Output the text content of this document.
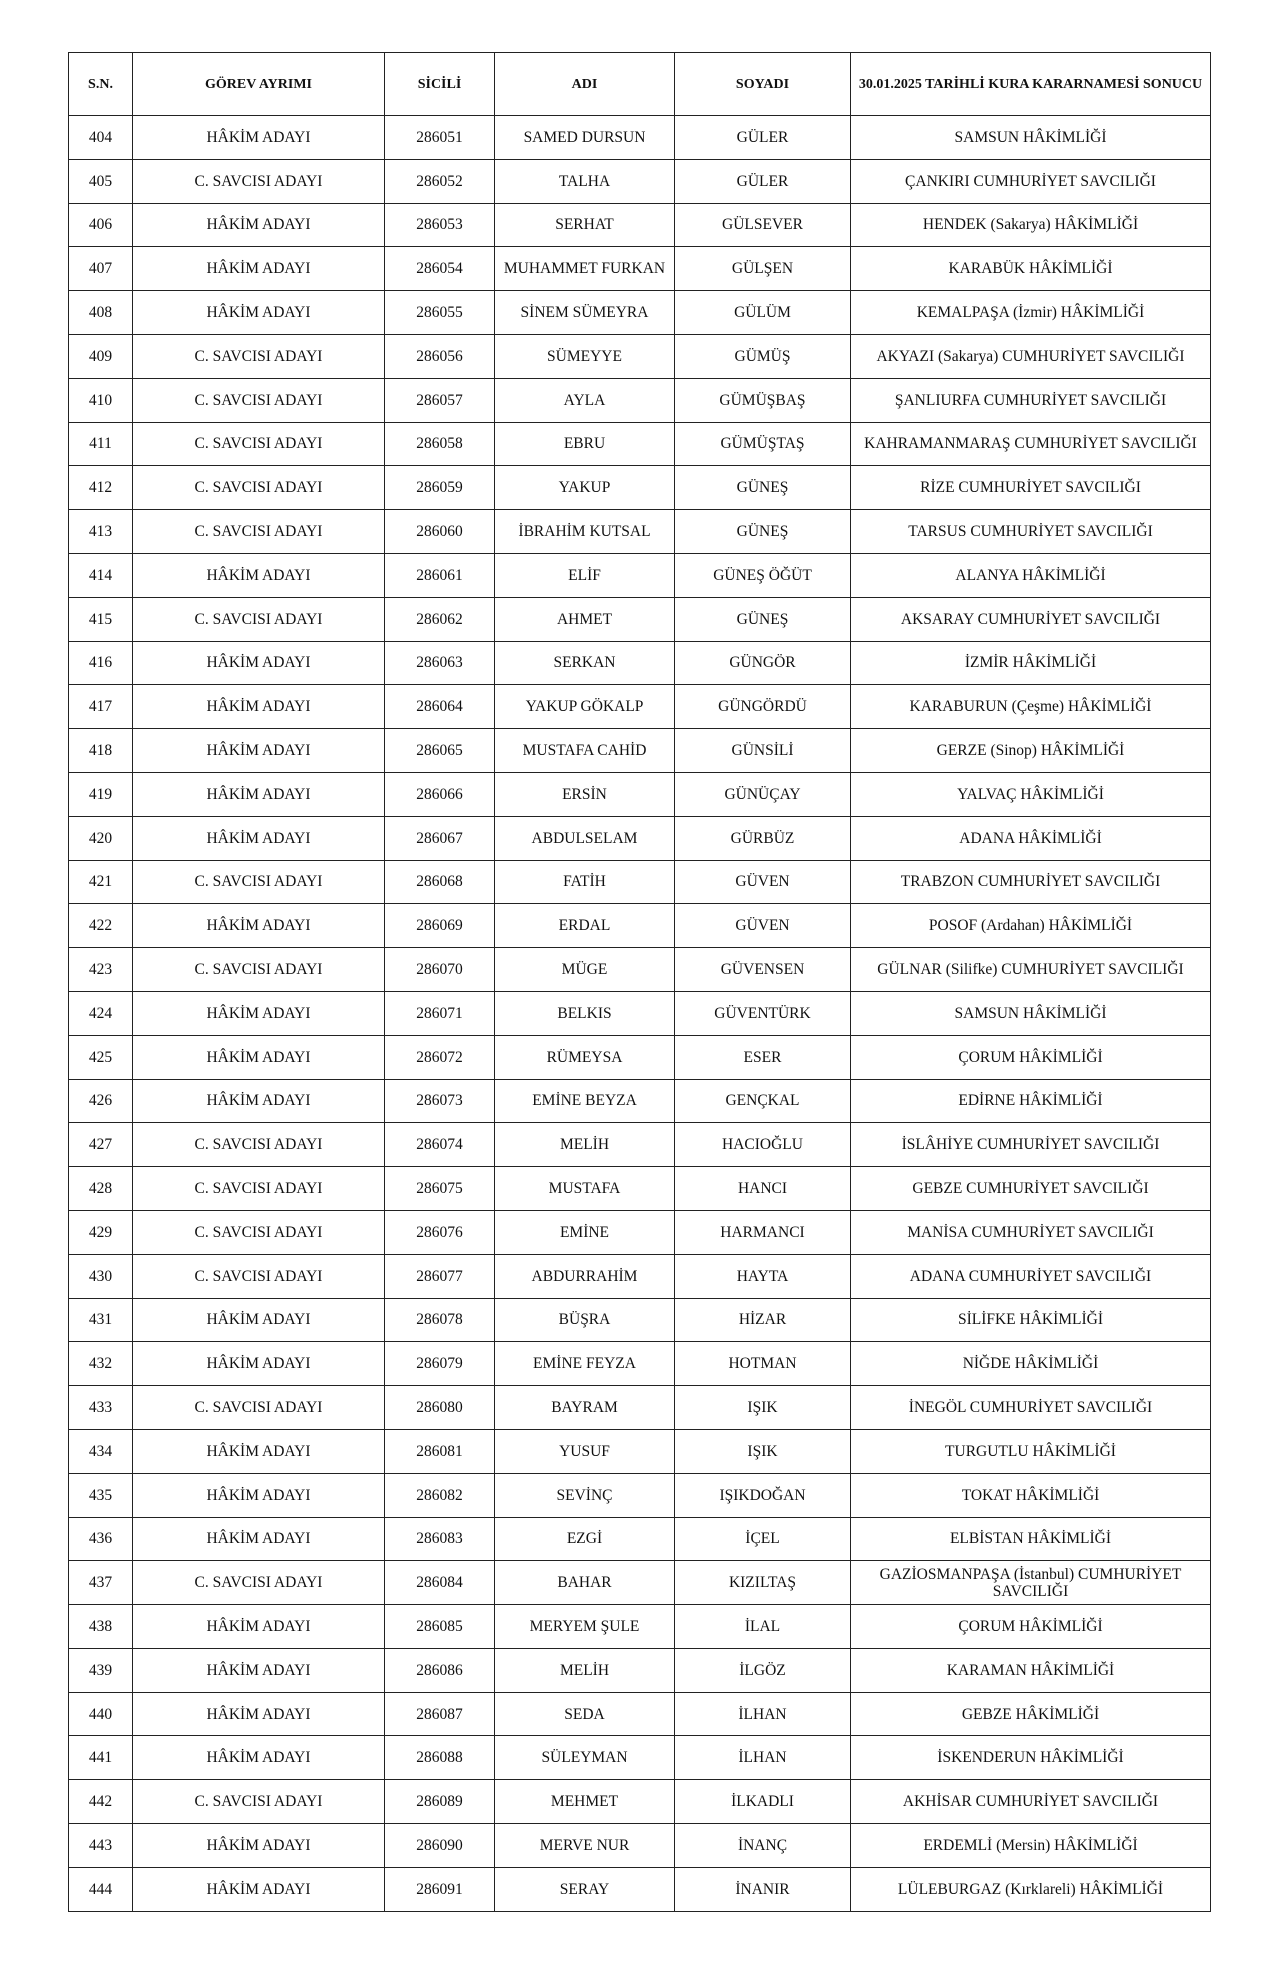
S.N.	GÖREV AYRIMI	SİCİLİ	ADI	SOYADI	30.01.2025 TARİHLİ KURA KARARNAMESİ SONUCU
404	HÂKİM ADAYI	286051	SAMED DURSUN	GÜLER	SAMSUN HÂKİMLİĞİ
405	C. SAVCISI ADAYI	286052	TALHA	GÜLER	ÇANKIRI CUMHURİYET SAVCILIĞI
406	HÂKİM ADAYI	286053	SERHAT	GÜLSEVER	HENDEK (Sakarya) HÂKİMLİĞİ
407	HÂKİM ADAYI	286054	MUHAMMET FURKAN	GÜLŞEN	KARABÜK HÂKİMLİĞİ
408	HÂKİM ADAYI	286055	SİNEM SÜMEYRA	GÜLÜM	KEMALPAŞA (İzmir) HÂKİMLİĞİ
409	C. SAVCISI ADAYI	286056	SÜMEYYE	GÜMÜŞ	AKYAZI (Sakarya) CUMHURİYET SAVCILIĞI
410	C. SAVCISI ADAYI	286057	AYLA	GÜMÜŞBAŞ	ŞANLIURFA CUMHURİYET SAVCILIĞI
411	C. SAVCISI ADAYI	286058	EBRU	GÜMÜŞTAŞ	KAHRAMANMARAŞ CUMHURİYET SAVCILIĞI
412	C. SAVCISI ADAYI	286059	YAKUP	GÜNEŞ	RİZE CUMHURİYET SAVCILIĞI
413	C. SAVCISI ADAYI	286060	İBRAHİM KUTSAL	GÜNEŞ	TARSUS CUMHURİYET SAVCILIĞI
414	HÂKİM ADAYI	286061	ELİF	GÜNEŞ ÖĞÜT	ALANYA HÂKİMLİĞİ
415	C. SAVCISI ADAYI	286062	AHMET	GÜNEŞ	AKSARAY CUMHURİYET SAVCILIĞI
416	HÂKİM ADAYI	286063	SERKAN	GÜNGÖR	İZMİR HÂKİMLİĞİ
417	HÂKİM ADAYI	286064	YAKUP GÖKALP	GÜNGÖRDÜ	KARABURUN (Çeşme) HÂKİMLİĞİ
418	HÂKİM ADAYI	286065	MUSTAFA CAHİD	GÜNSİLİ	GERZE (Sinop) HÂKİMLİĞİ
419	HÂKİM ADAYI	286066	ERSİN	GÜNÜÇAY	YALVAÇ HÂKİMLİĞİ
420	HÂKİM ADAYI	286067	ABDULSELAM	GÜRBÜZ	ADANA HÂKİMLİĞİ
421	C. SAVCISI ADAYI	286068	FATİH	GÜVEN	TRABZON CUMHURİYET SAVCILIĞI
422	HÂKİM ADAYI	286069	ERDAL	GÜVEN	POSOF (Ardahan) HÂKİMLİĞİ
423	C. SAVCISI ADAYI	286070	MÜGE	GÜVENSEN	GÜLNAR (Silifke) CUMHURİYET SAVCILIĞI
424	HÂKİM ADAYI	286071	BELKIS	GÜVENTÜRK	SAMSUN HÂKİMLİĞİ
425	HÂKİM ADAYI	286072	RÜMEYSA	ESER	ÇORUM HÂKİMLİĞİ
426	HÂKİM ADAYI	286073	EMİNE BEYZA	GENÇKAL	EDİRNE HÂKİMLİĞİ
427	C. SAVCISI ADAYI	286074	MELİH	HACIOĞLU	İSLÂHİYE CUMHURİYET SAVCILIĞI
428	C. SAVCISI ADAYI	286075	MUSTAFA	HANCI	GEBZE CUMHURİYET SAVCILIĞI
429	C. SAVCISI ADAYI	286076	EMİNE	HARMANCI	MANİSA CUMHURİYET SAVCILIĞI
430	C. SAVCISI ADAYI	286077	ABDURRAHİM	HAYTA	ADANA CUMHURİYET SAVCILIĞI
431	HÂKİM ADAYI	286078	BÜŞRA	HİZAR	SİLİFKE HÂKİMLİĞİ
432	HÂKİM ADAYI	286079	EMİNE FEYZA	HOTMAN	NİĞDE HÂKİMLİĞİ
433	C. SAVCISI ADAYI	286080	BAYRAM	IŞIK	İNEGÖL CUMHURİYET SAVCILIĞI
434	HÂKİM ADAYI	286081	YUSUF	IŞIK	TURGUTLU HÂKİMLİĞİ
435	HÂKİM ADAYI	286082	SEVİNÇ	IŞIKDOĞAN	TOKAT HÂKİMLİĞİ
436	HÂKİM ADAYI	286083	EZGİ	İÇEL	ELBİSTAN HÂKİMLİĞİ
437	C. SAVCISI ADAYI	286084	BAHAR	KIZILTAŞ	GAZİOSMANPAŞA (İstanbul) CUMHURİYET SAVCILIĞI
438	HÂKİM ADAYI	286085	MERYEM ŞULE	İLAL	ÇORUM HÂKİMLİĞİ
439	HÂKİM ADAYI	286086	MELİH	İLGÖZ	KARAMAN HÂKİMLİĞİ
440	HÂKİM ADAYI	286087	SEDA	İLHAN	GEBZE HÂKİMLİĞİ
441	HÂKİM ADAYI	286088	SÜLEYMAN	İLHAN	İSKENDERUN HÂKİMLİĞİ
442	C. SAVCISI ADAYI	286089	MEHMET	İLKADLI	AKHİSAR CUMHURİYET SAVCILIĞI
443	HÂKİM ADAYI	286090	MERVE NUR	İNANÇ	ERDEMLİ (Mersin) HÂKİMLİĞİ
444	HÂKİM ADAYI	286091	SERAY	İNANIR	LÜLEBURGAZ (Kırklareli) HÂKİMLİĞİ
